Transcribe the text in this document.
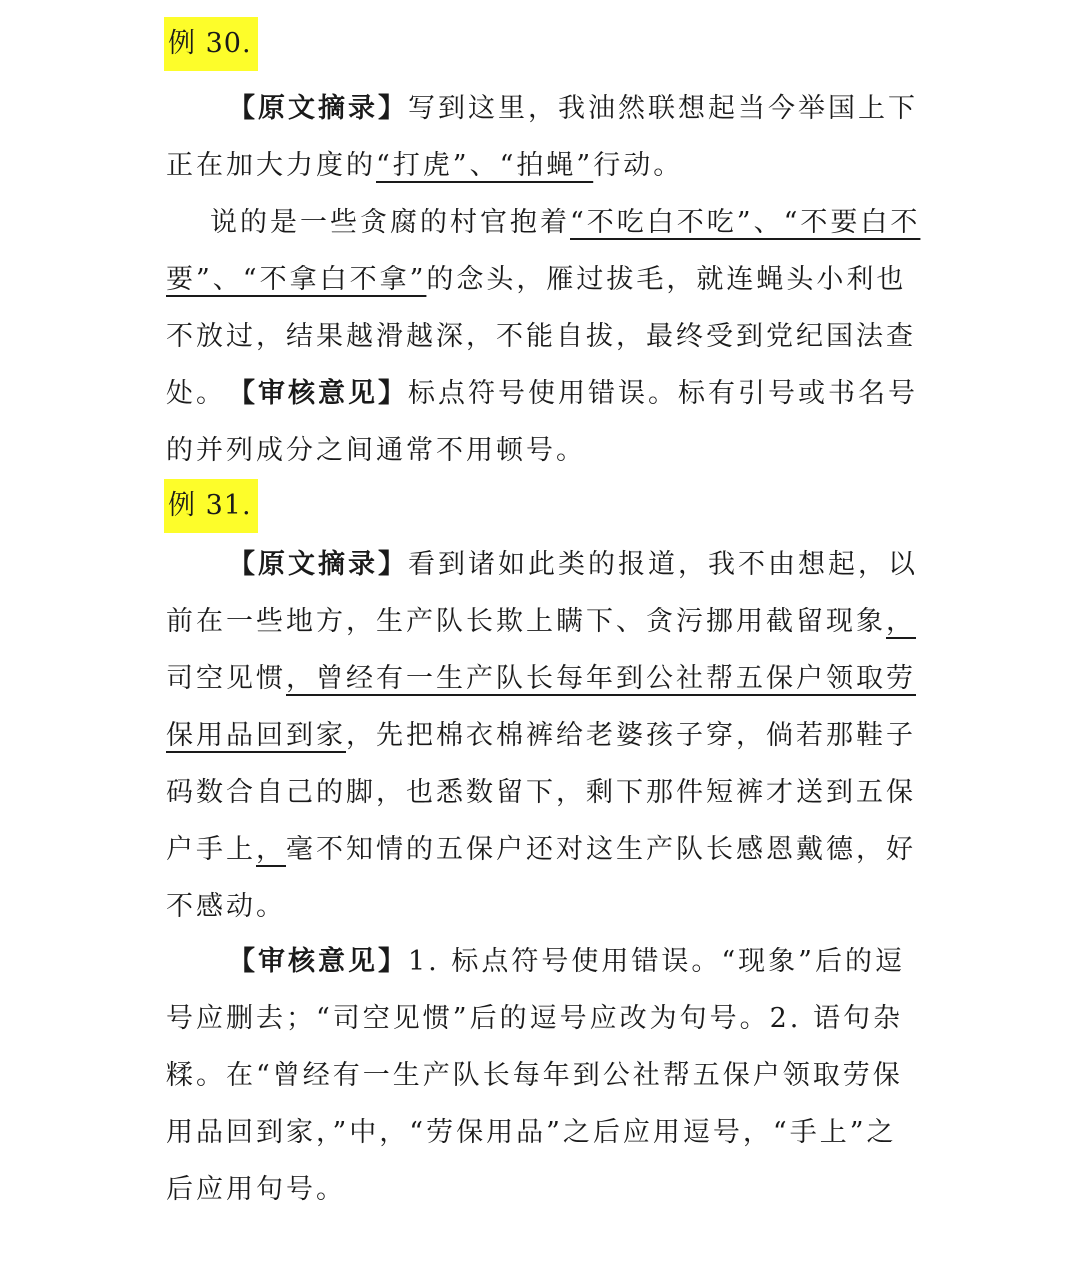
例 30.
【原文摘录】写到这里，我油然联想起当今举国上下正在加大力度的“打虎”、“拍蝇”行动。
说的是一些贪腐的村官抱着“不吃白不吃”、“不要白不要”、“不拿白不拿”的念头，雁过拔毛，就连蝇头小利也不放过，结果越滑越深，不能自拔，最终受到党纪国法查处。 【审核意见】标点符号使用错误。标有引号或书名号的并列成分之间通常不用顿号。
例 31.
【原文摘录】看到诸如此类的报道，我不由想起，以前在一些地方，生产队长欺上瞒下、贪污挪用截留现象，司空见惯，曾经有一生产队长每年到公社帮五保户领取劳保用品回到家，先把棉衣棉裤给老婆孩子穿，倘若那鞋子码数合自己的脚，也悉数留下，剩下那件短裤才送到五保户手上，毫不知情的五保户还对这生产队长感恩戴德，好不感动。
【审核意见】1. 标点符号使用错误。“现象”后的逗号应删去；“司空见惯”后的逗号应改为句号。2. 语句杂糅。在“曾经有一生产队长每年到公社帮五保户领取劳保用品回到家，”中，“劳保用品”之后应用逗号，“手上”之后应用句号。
